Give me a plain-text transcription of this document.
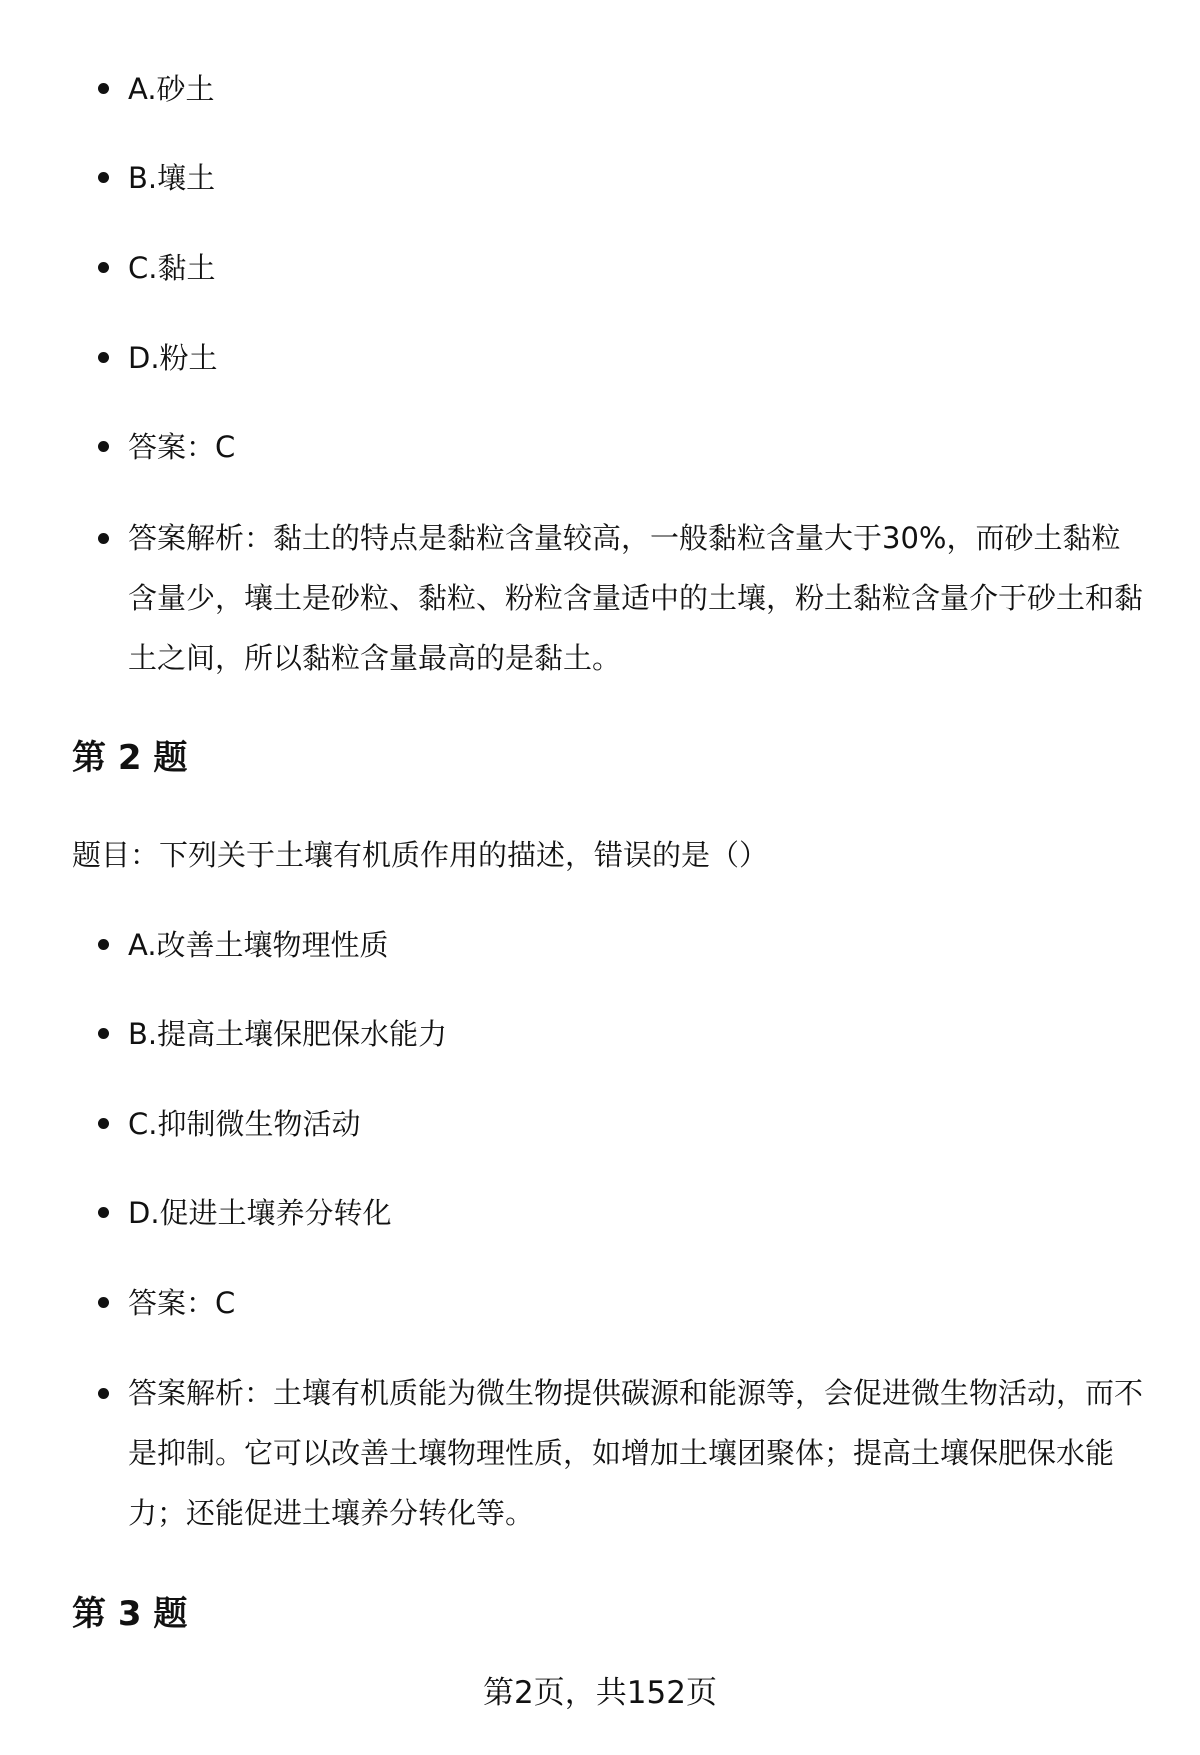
A.砂土
B.壤土
C.黏土
D.粉土
答案：C
答案解析：黏土的特点是黏粒含量较高，一般黏粒含量大于30%，而砂土黏粒含量少，壤土是砂粒、黏粒、粉粒含量适中的土壤，粉土黏粒含量介于砂土和黏土之间，所以黏粒含量最高的是黏土。
第 2 题
题目：下列关于土壤有机质作用的描述，错误的是（）
A.改善土壤物理性质
B.提高土壤保肥保水能力
C.抑制微生物活动
D.促进土壤养分转化
答案：C
答案解析：土壤有机质能为微生物提供碳源和能源等，会促进微生物活动，而不是抑制。它可以改善土壤物理性质，如增加土壤团聚体；提高土壤保肥保水能力；还能促进土壤养分转化等。
第 3 题
第2页，共152页
